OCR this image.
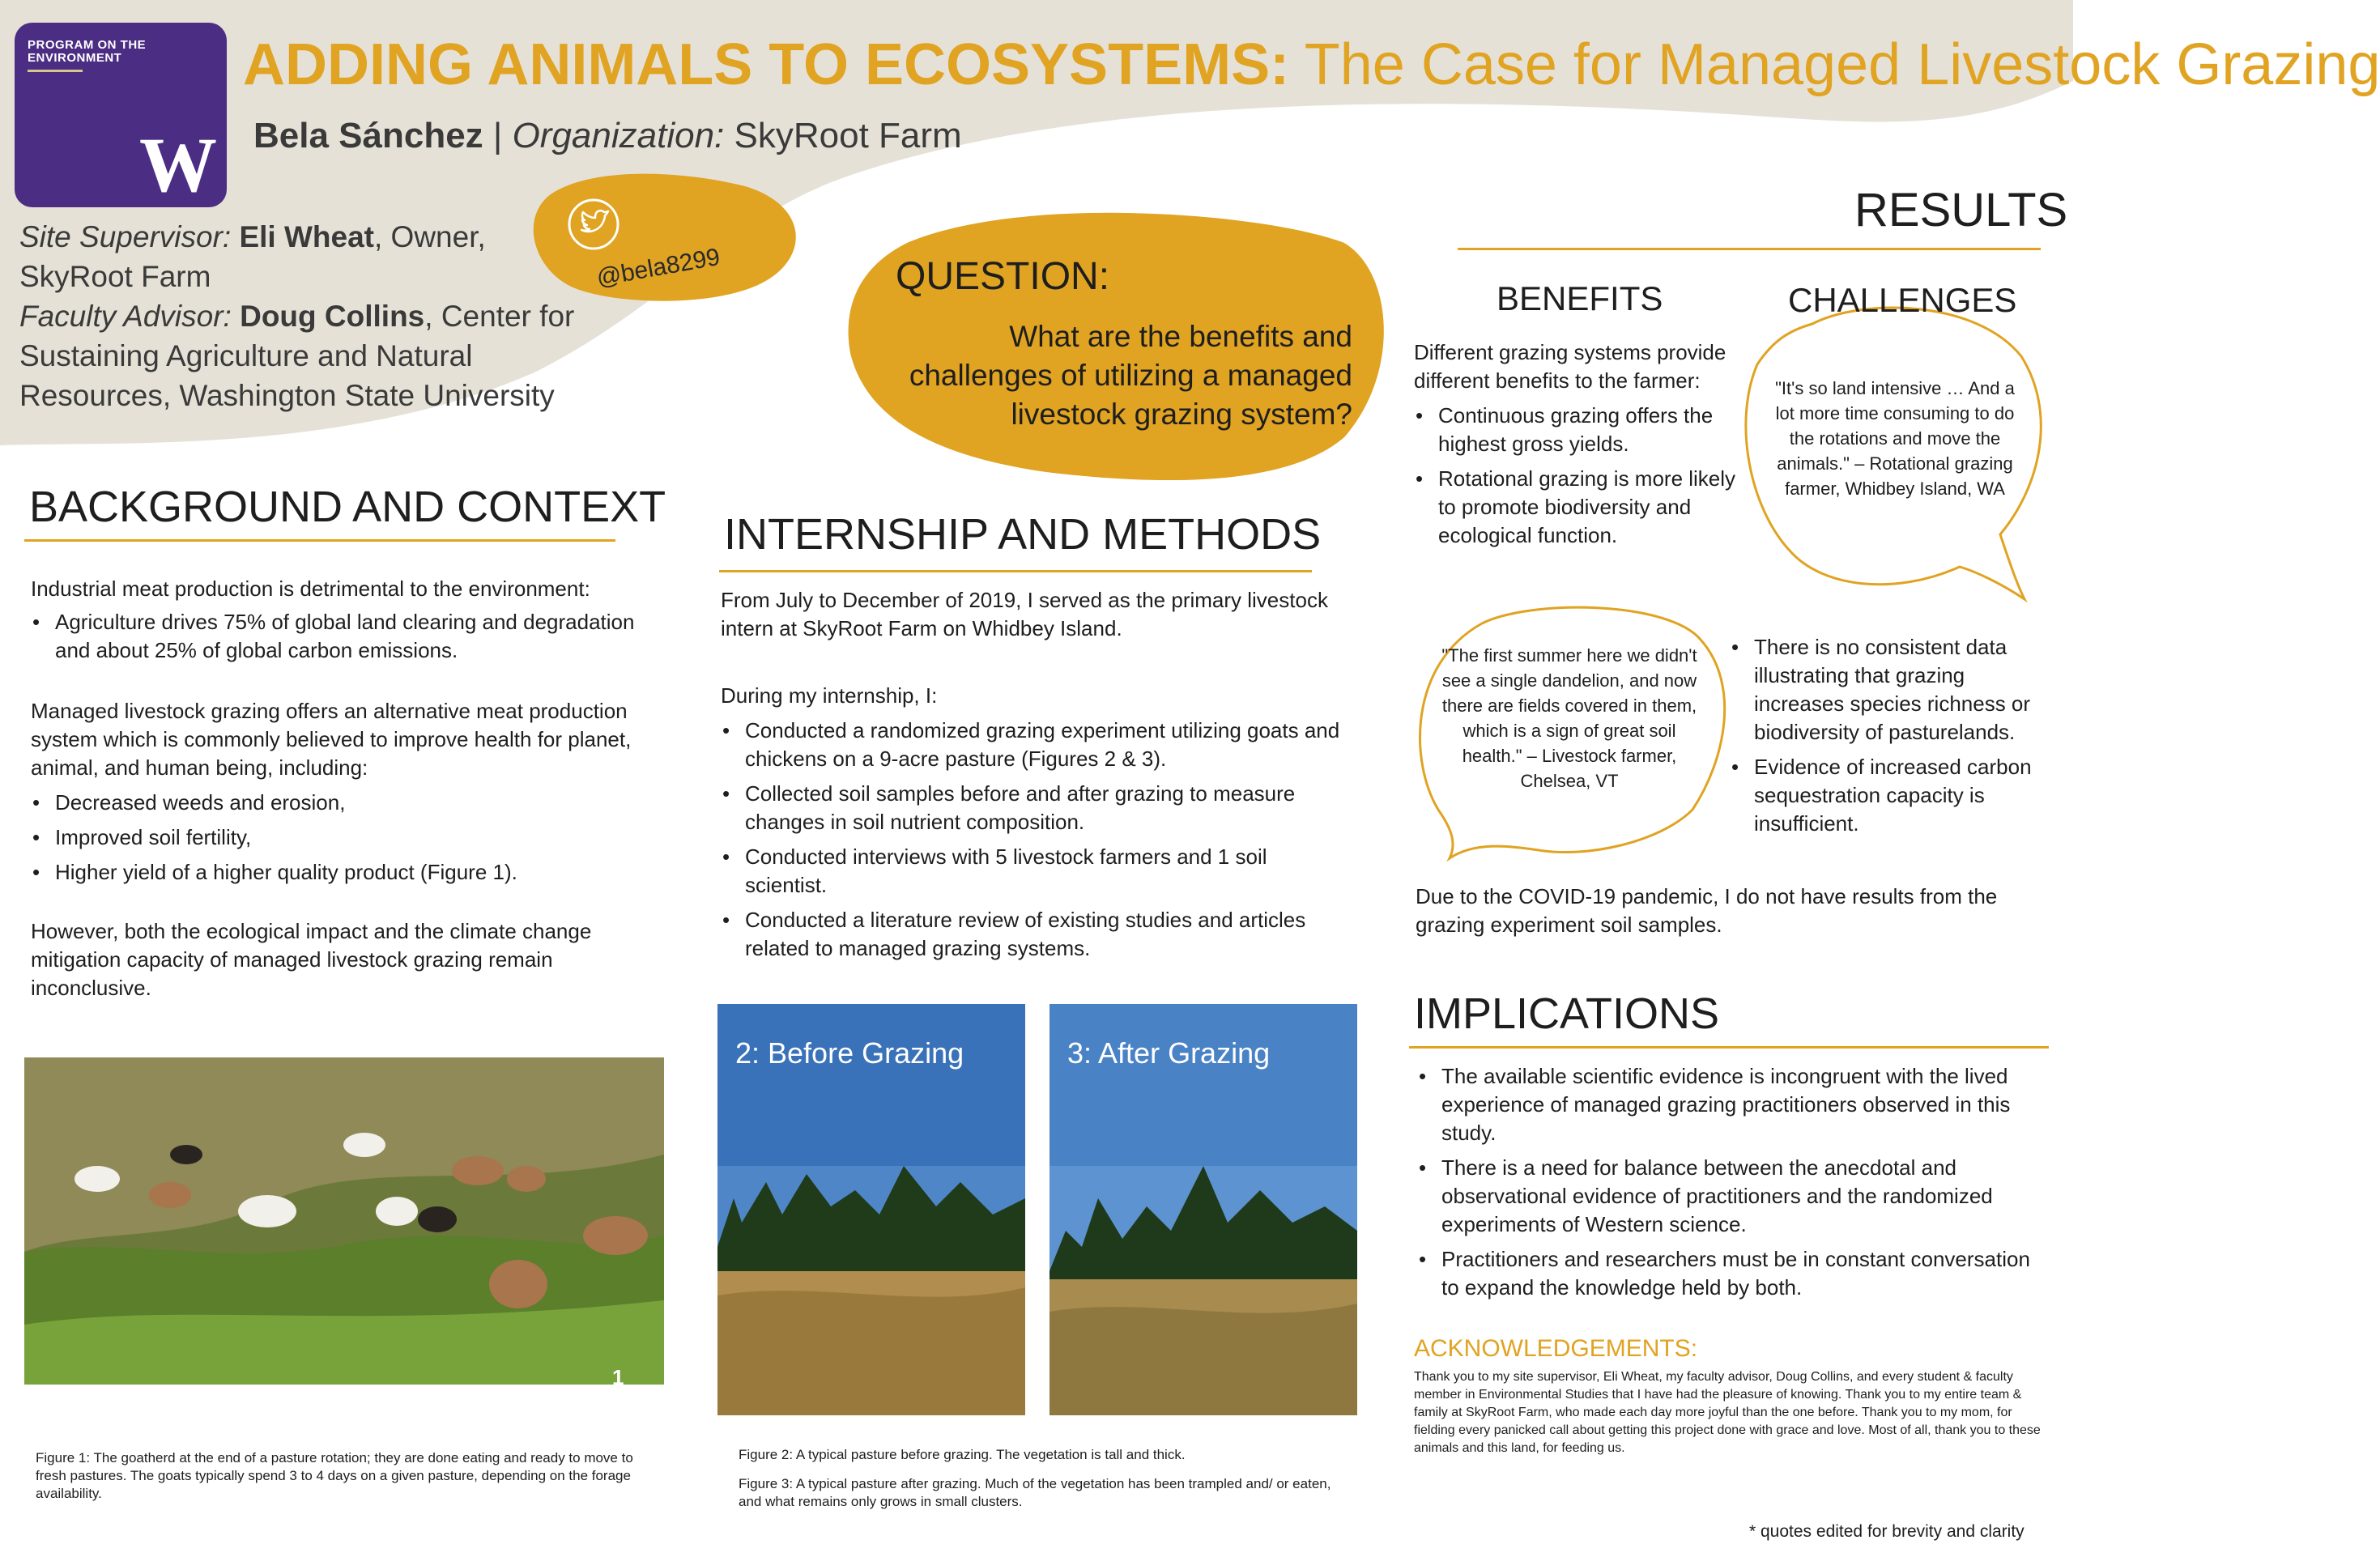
PROGRAM ON THE
ENVIRONMENT
W
ADDING ANIMALS TO ECOSYSTEMS: The Case for Managed Livestock Grazing
Bela Sánchez | Organization: SkyRoot Farm
Site Supervisor: Eli Wheat, Owner,
SkyRoot Farm
Faculty Advisor: Doug Collins, Center for
Sustaining Agriculture and Natural
Resources, Washington State University
@bela8299	QUESTION:
What are the benefits and challenges of utilizing a managed livestock grazing system?
BACKGROUND AND CONTEXT
Industrial meat production is detrimental to the environment:
• Agriculture drives 75% of global land clearing and degradation and about 25% of global carbon emissions.
Managed livestock grazing offers an alternative meat production system which is commonly believed to improve health for planet, animal, and human being, including:
• Decreased weeds and erosion,
• Improved soil fertility,
• Higher yield of a higher quality product (Figure 1).
However, both the ecological impact and the climate change mitigation capacity of managed livestock grazing remain inconclusive.
1
Figure 1: The goatherd at the end of a pasture rotation; they are done eating and ready to move to fresh pastures. The goats typically spend 3 to 4 days on a given pasture, depending on the forage availability.
INTERNSHIP AND METHODS
From July to December of 2019, I served as the primary livestock intern at SkyRoot Farm on Whidbey Island.
During my internship, I:
• Conducted a randomized grazing experiment utilizing goats and chickens on a 9-acre pasture (Figures 2 & 3).
• Collected soil samples before and after grazing to measure changes in soil nutrient composition.
• Conducted interviews with 5 livestock farmers and 1 soil scientist.
• Conducted a literature review of existing studies and articles related to managed grazing systems.
2: Before Grazing	3: After Grazing
Figure 2: A typical pasture before grazing. The vegetation is tall and thick.
Figure 3: A typical pasture after grazing. Much of the vegetation has been trampled and/ or eaten, and what remains only grows in small clusters.
RESULTS
BENEFITS	CHALLENGES
Different grazing systems provide different benefits to the farmer:
• Continuous grazing offers the highest gross yields.
• Rotational grazing is more likely to promote biodiversity and ecological function.
"It's so land intensive … And a lot more time consuming to do the rotations and move the animals." – Rotational grazing farmer, Whidbey Island, WA
"The first summer here we didn't see a single dandelion, and now there are fields covered in them, which is a sign of great soil health." – Livestock farmer, Chelsea, VT
• There is no consistent data illustrating that grazing increases species richness or biodiversity of pasturelands.
• Evidence of increased carbon sequestration capacity is insufficient.
Due to the COVID-19 pandemic, I do not have results from the grazing experiment soil samples.
IMPLICATIONS
• The available scientific evidence is incongruent with the lived experience of managed grazing practitioners observed in this study.
• There is a need for balance between the anecdotal and observational evidence of practitioners and the randomized experiments of Western science.
• Practitioners and researchers must be in constant conversation to expand the knowledge held by both.
ACKNOWLEDGEMENTS:
Thank you to my site supervisor, Eli Wheat, my faculty advisor, Doug Collins, and every student & faculty member in Environmental Studies that I have had the pleasure of knowing. Thank you to my entire team & family at SkyRoot Farm, who made each day more joyful than the one before. Thank you to my mom, for fielding every panicked call about getting this project done with grace and love. Most of all, thank you to these animals and this land, for feeding us.
* quotes edited for brevity and clarity
